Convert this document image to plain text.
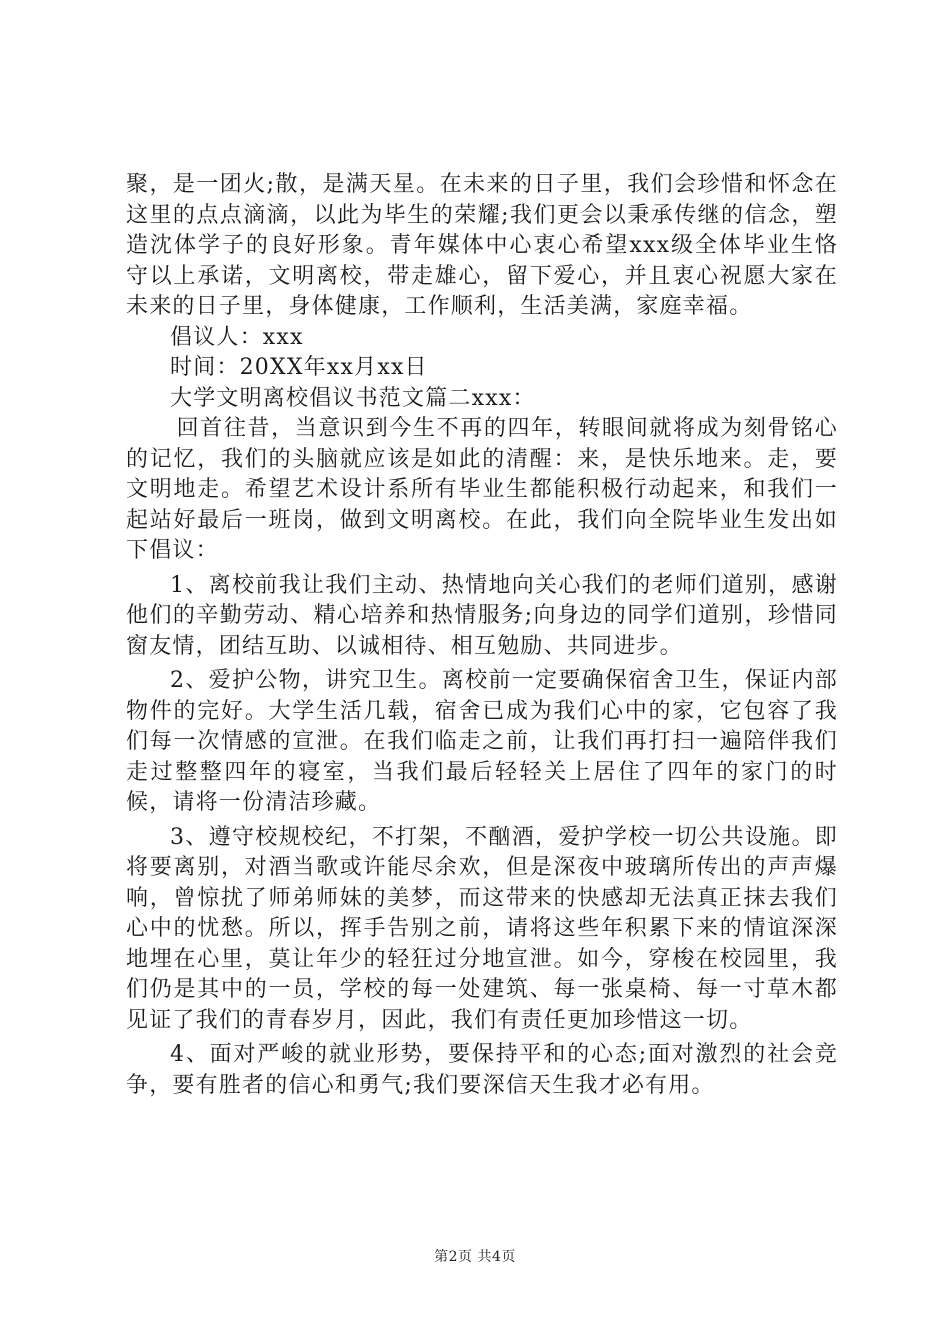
聚，是一团火;散，是满天星。在未来的日子里，我们会珍惜和怀念在这里的点点滴滴，以此为毕生的荣耀;我们更会以秉承传继的信念，塑造沈体学子的良好形象。青年媒体中心衷心希望xxx级全体毕业生恪守以上承诺，文明离校，带走雄心，留下爱心，并且衷心祝愿大家在未来的日子里，身体健康，工作顺利，生活美满，家庭幸福。

倡议人：xxx

时间：20XX年xx月xx日

大学文明离校倡议书范文篇二xxx：

回首往昔，当意识到今生不再的四年，转眼间就将成为刻骨铭心的记忆，我们的头脑就应该是如此的清醒：来，是快乐地来。走，要文明地走。希望艺术设计系所有毕业生都能积极行动起来，和我们一起站好最后一班岗，做到文明离校。在此，我们向全院毕业生发出如下倡议：

1、离校前我让我们主动、热情地向关心我们的老师们道别，感谢他们的辛勤劳动、精心培养和热情服务;向身边的同学们道别，珍惜同窗友情，团结互助、以诚相待、相互勉励、共同进步。

2、爱护公物，讲究卫生。离校前一定要确保宿舍卫生，保证内部物件的完好。大学生活几载，宿舍已成为我们心中的家，它包容了我们每一次情感的宣泄。在我们临走之前，让我们再打扫一遍陪伴我们走过整整四年的寝室，当我们最后轻轻关上居住了四年的家门的时候，请将一份清洁珍藏。

3、遵守校规校纪，不打架，不酗酒，爱护学校一切公共设施。即将要离别，对酒当歌或许能尽余欢，但是深夜中玻璃所传出的声声爆响，曾惊扰了师弟师妹的美梦，而这带来的快感却无法真正抹去我们心中的忧愁。所以，挥手告别之前，请将这些年积累下来的情谊深深地埋在心里，莫让年少的轻狂过分地宣泄。如今，穿梭在校园里，我们仍是其中的一员，学校的每一处建筑、每一张桌椅、每一寸草木都见证了我们的青春岁月，因此，我们有责任更加珍惜这一切。

4、面对严峻的就业形势，要保持平和的心态;面对激烈的社会竞争，要有胜者的信心和勇气;我们要深信天生我才必有用。

第2页 共4页
